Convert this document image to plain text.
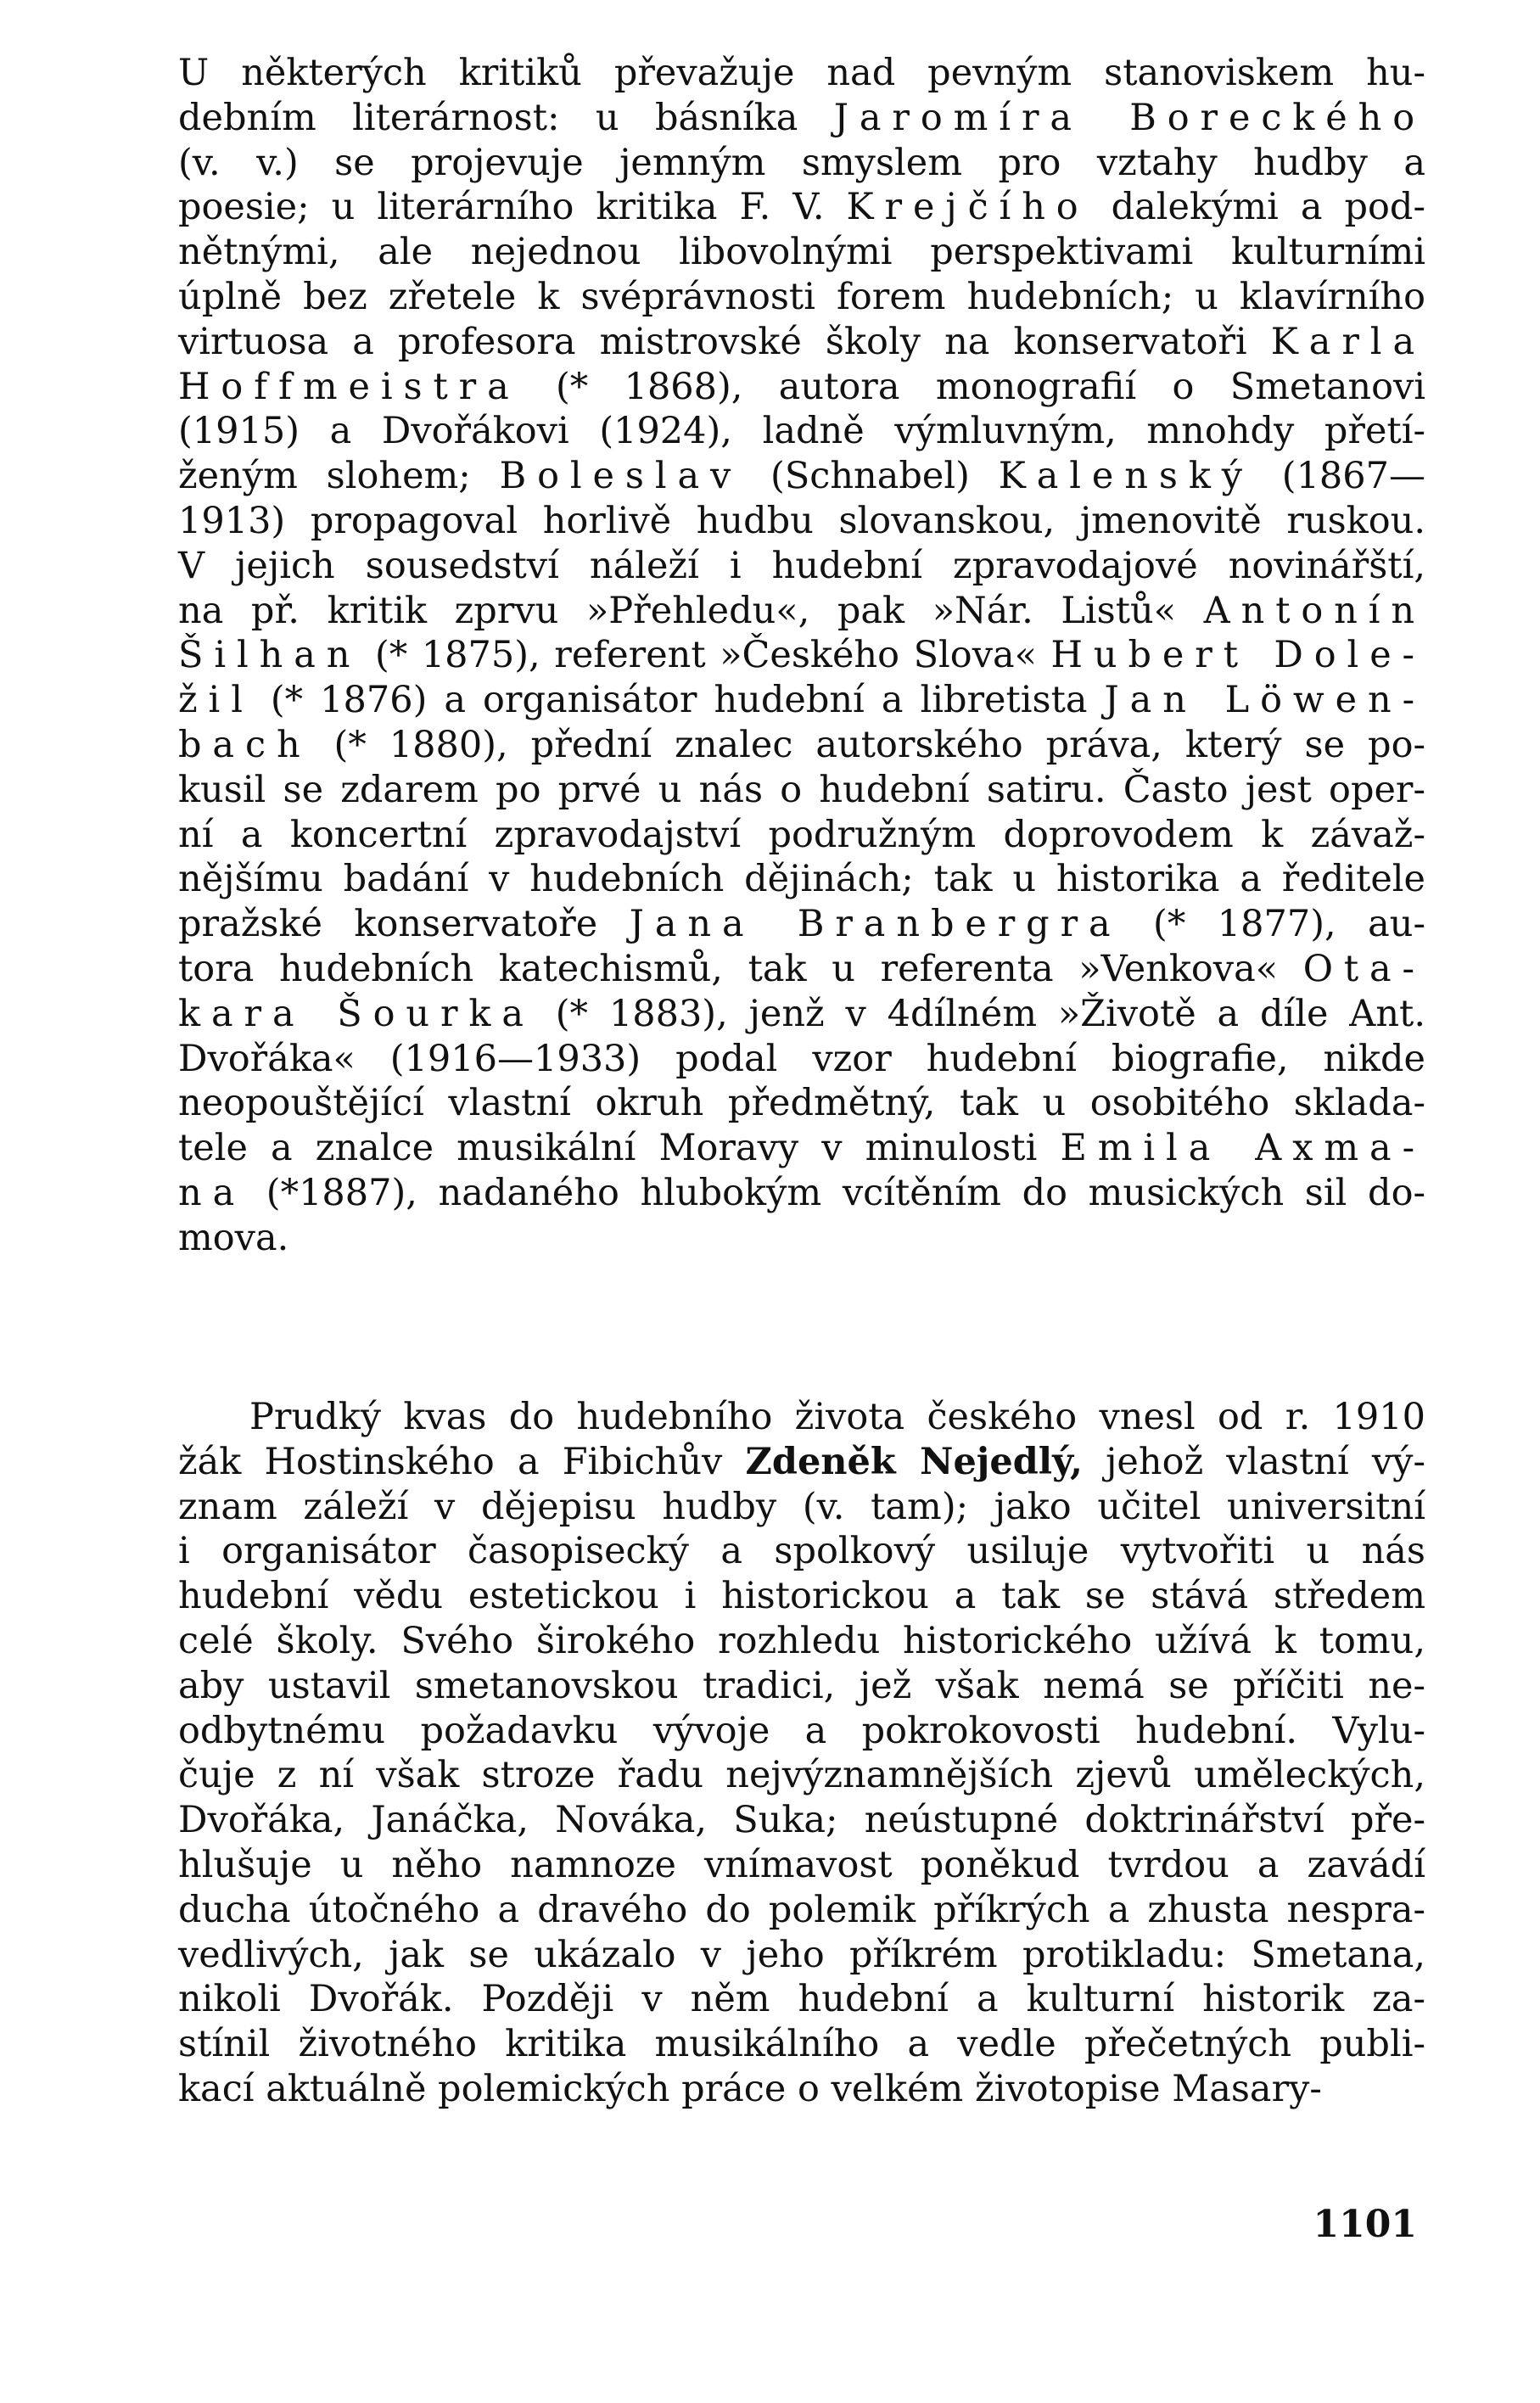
U některých kritiků převažuje nad pevným stanoviskem hu-
debním literárnost: u básníka Jaromíra Boreckého
(v. v.) se projevuje jemným smyslem pro vztahy hudby a
poesie; u literárního kritika F. V. Krejčího dalekými a pod-
nětnými, ale nejednou libovolnými perspektivami kulturními
úplně bez zřetele k svéprávnosti forem hudebních; u klavírního
virtuosa a profesora mistrovské školy na konservatoři Karla
Hoffmeistra (* 1868), autora monografií o Smetanovi
(1915) a Dvořákovi (1924), ladně výmluvným, mnohdy přetí-
ženým slohem; Boleslav (Schnabel) Kalenský (1867—
1913) propagoval horlivě hudbu slovanskou, jmenovitě ruskou.
V jejich sousedství náleží i hudební zpravodajové novinářští,
na př. kritik zprvu »Přehledu«, pak »Nár. Listů« Antonín
Šilhan (* 1875), referent »Českého Slova« Hubert Dole-
žil (* 1876) a organisátor hudební a libretista Jan Löwen-
bach (* 1880), přední znalec autorského práva, který se po-
kusil se zdarem po prvé u nás o hudební satiru. Často jest oper-
ní a koncertní zpravodajství podružným doprovodem k závaž-
nějšímu badání v hudebních dějinách; tak u historika a ředitele
pražské konservatoře Jana Branbergra (* 1877), au-
tora hudebních katechismů, tak u referenta »Venkova« Ota-
kara Šourka (* 1883), jenž v 4dílném »Životě a díle Ant.
Dvořáka« (1916—1933) podal vzor hudební biografie, nikde
neopouštějící vlastní okruh předmětný, tak u osobitého sklada-
tele a znalce musikální Moravy v minulosti Emila Axma-
na (*1887), nadaného hlubokým vcítěním do musických sil do-
mova.
Prudký kvas do hudebního života českého vnesl od r. 1910
žák Hostinského a Fibichův Zdeněk Nejedlý, jehož vlastní vý-
znam záleží v dějepisu hudby (v. tam); jako učitel universitní
i organisátor časopisecký a spolkový usiluje vytvořiti u nás
hudební vědu estetickou i historickou a tak se stává středem
celé školy. Svého širokého rozhledu historického užívá k tomu,
aby ustavil smetanovskou tradici, jež však nemá se příčiti ne-
odbytnému požadavku vývoje a pokrokovosti hudební. Vylu-
čuje z ní však stroze řadu nejvýznamnějších zjevů uměleckých,
Dvořáka, Janáčka, Nováka, Suka; neústupné doktrinářství pře-
hlušuje u něho namnoze vnímavost poněkud tvrdou a zavádí
ducha útočného a dravého do polemik příkrých a zhusta nespra-
vedlivých, jak se ukázalo v jeho příkrém protikladu: Smetana,
nikoli Dvořák. Později v něm hudební a kulturní historik za-
stínil životného kritika musikálního a vedle přečetných publi-
kací aktuálně polemických práce o velkém životopise Masary-
1101
